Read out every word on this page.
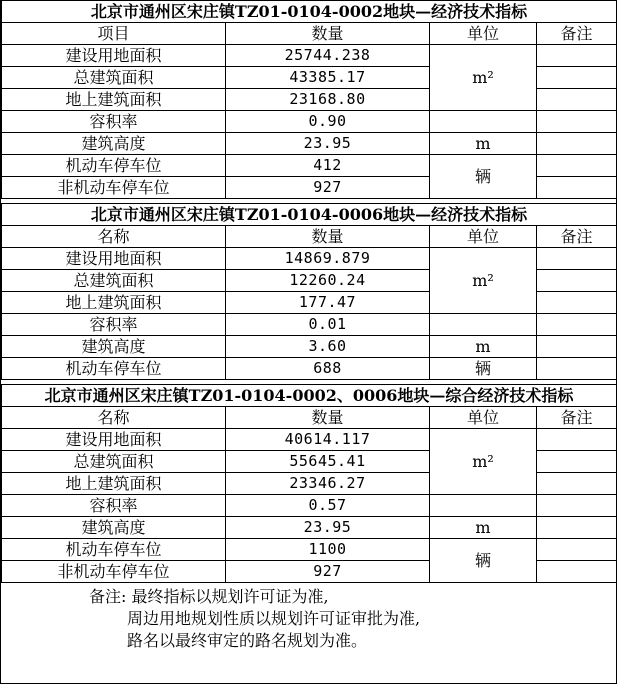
北京市通州区宋庄镇TZ01-0104-0002地块—经济技术指标			
项目	数量	单位	备注
建设用地面积	25744.238	m²	
总建筑面积	43385.17		
地上建筑面积	23168.80		
容积率	0.90		
建筑高度	23.95	m	
机动车停车位	412	辆	
非机动车停车位	927		
北京市通州区宋庄镇TZ01-0104-0006地块—经济技术指标			
名称	数量	单位	备注
建设用地面积	14869.879	m²	
总建筑面积	12260.24		
地上建筑面积	177.47		
容积率	0.01		
建筑高度	3.60	m	
机动车停车位	688	辆	
北京市通州区宋庄镇TZ01-0104-0002、0006地块—综合经济技术指标			
名称	数量	单位	备注
建设用地面积	40614.117	m²	
总建筑面积	55645.41		
地上建筑面积	23346.27		
容积率	0.57		
建筑高度	23.95	m	
机动车停车位	1100	辆	
非机动车停车位	927		
备注: 最终指标以规划许可证为准,
周边用地规划性质以规划许可证审批为准,
路名以最终审定的路名规划为准。
